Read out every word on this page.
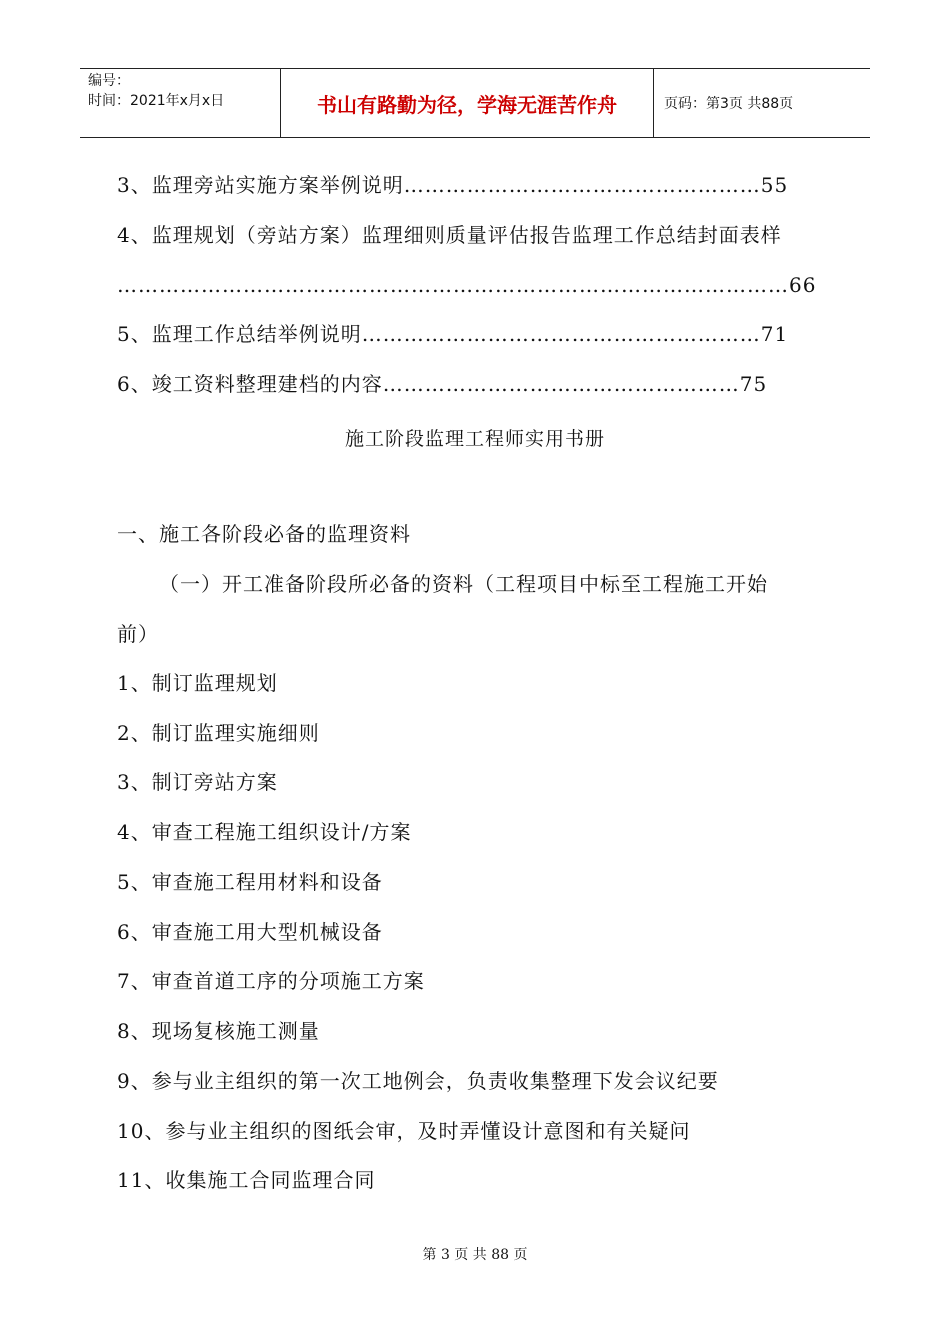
编号：
时间：2021年x月x日	书山有路勤为径，学海无涯苦作舟	页码：第3页 共88页
3、监理旁站实施方案举例说明……………………………………………55
4、监理规划（旁站方案）监理细则质量评估报告监理工作总结封面表样
……………………………………………………………………………………66
5、监理工作总结举例说明…………………………………………………71
6、竣工资料整理建档的内容……………………………………………75
施工阶段监理工程师实用书册
一、施工各阶段必备的监理资料
（一）开工准备阶段所必备的资料（工程项目中标至工程施工开始
前）
1、制订监理规划
2、制订监理实施细则
3、制订旁站方案
4、审查工程施工组织设计/方案
5、审查施工程用材料和设备
6、审查施工用大型机械设备
7、审查首道工序的分项施工方案
8、现场复核施工测量
9、参与业主组织的第一次工地例会，负责收集整理下发会议纪要
10、参与业主组织的图纸会审，及时弄懂设计意图和有关疑问
11、收集施工合同监理合同
第 3 页 共 88 页
